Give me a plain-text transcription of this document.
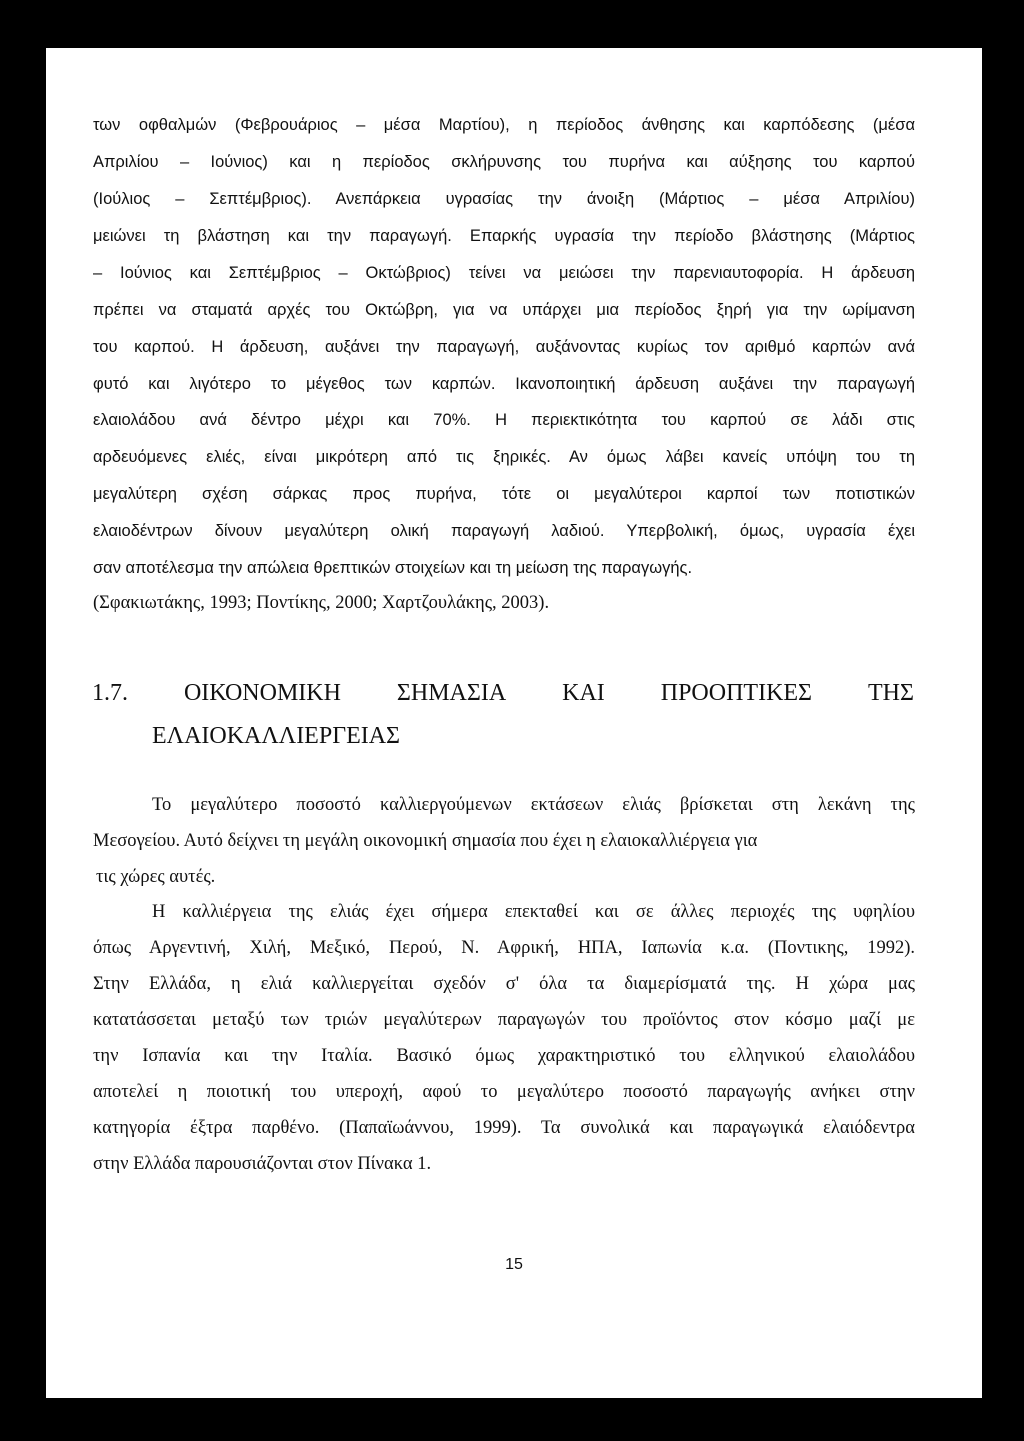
των οφθαλμών (Φεβρουάριος – μέσα Μαρτίου), η περίοδος άνθησης και καρπόδεσης (μέσα
Απριλίου – Ιούνιος) και η περίοδος σκλήρυνσης του πυρήνα και αύξησης του καρπού
(Ιούλιος – Σεπτέμβριος). Ανεπάρκεια υγρασίας την άνοιξη (Μάρτιος – μέσα Απριλίου)
μειώνει τη βλάστηση και την παραγωγή. Επαρκής υγρασία την περίοδο βλάστησης (Μάρτιος
– Ιούνιος και Σεπτέμβριος – Οκτώβριος) τείνει να μειώσει την παρενιαυτοφορία. Η άρδευση
πρέπει να σταματά αρχές του Οκτώβρη, για να υπάρχει μια περίοδος ξηρή για την ωρίμανση
του καρπού. Η άρδευση, αυξάνει την παραγωγή, αυξάνοντας κυρίως τον αριθμό καρπών ανά
φυτό και λιγότερο το μέγεθος των καρπών. Ικανοποιητική άρδευση αυξάνει την παραγωγή
ελαιολάδου ανά δέντρο μέχρι και 70%. Η περιεκτικότητα του καρπού σε λάδι στις
αρδευόμενες ελιές, είναι μικρότερη από τις ξηρικές. Αν όμως λάβει κανείς υπόψη του τη
μεγαλύτερη σχέση σάρκας προς πυρήνα, τότε οι μεγαλύτεροι καρποί των ποτιστικών
ελαιοδέντρων δίνουν μεγαλύτερη ολική παραγωγή λαδιού. Υπερβολική, όμως, υγρασία έχει
σαν αποτέλεσμα την απώλεια θρεπτικών στοιχείων και τη μείωση της παραγωγής.
(Σφακιωτάκης, 1993; Ποντίκης, 2000; Χαρτζουλάκης, 2003).
1.7. ΟΙΚΟΝΟΜΙΚΗ ΣΗΜΑΣΙΑ ΚΑΙ ΠΡΟΟΠΤΙΚΕΣ ΤΗΣ
ΕΛΑΙΟΚΑΛΛΙΕΡΓΕΙΑΣ
Το μεγαλύτερο ποσοστό καλλιεργούμενων εκτάσεων ελιάς βρίσκεται στη λεκάνη της
Μεσογείου. Αυτό δείχνει τη μεγάλη οικονομική σημασία που έχει η ελαιοκαλλιέργεια για
τις χώρες αυτές.
Η καλλιέργεια της ελιάς έχει σήμερα επεκταθεί και σε άλλες περιοχές της υφηλίου
όπως Αργεντινή, Χιλή, Μεξικό, Περού, Ν. Αφρική, ΗΠΑ, Ιαπωνία κ.α. (Ποντικης, 1992).
Στην Ελλάδα, η ελιά καλλιεργείται σχεδόν σ' όλα τα διαμερίσματά της. Η χώρα μας
κατατάσσεται μεταξύ των τριών μεγαλύτερων παραγωγών του προϊόντος στον κόσμο μαζί με
την Ισπανία και την Ιταλία. Βασικό όμως χαρακτηριστικό του ελληνικού ελαιολάδου
αποτελεί η ποιοτική του υπεροχή, αφού το μεγαλύτερο ποσοστό παραγωγής ανήκει στην
κατηγορία έξτρα παρθένο. (Παπαϊωάννου, 1999). Τα συνολικά και παραγωγικά ελαιόδεντρα
στην Ελλάδα παρουσιάζονται στον Πίνακα 1.
15
